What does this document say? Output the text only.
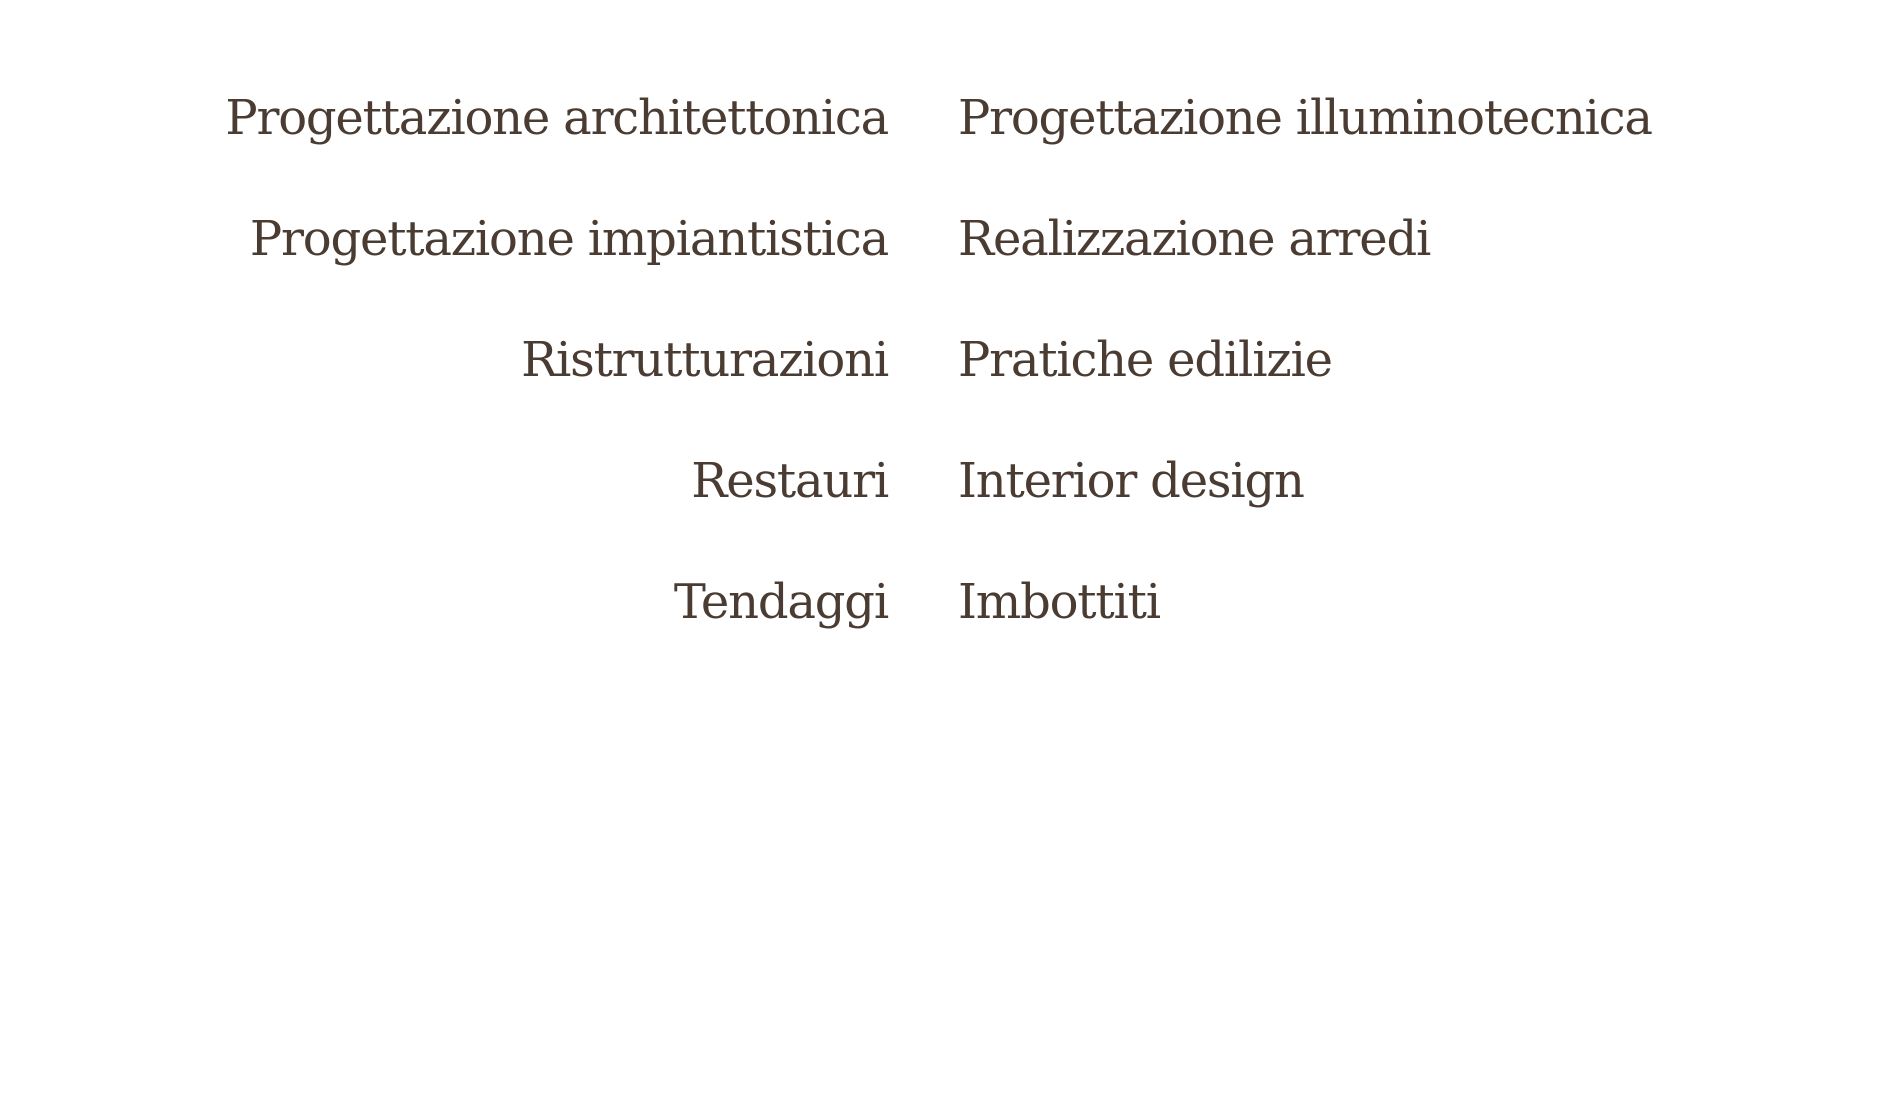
Progettazione architettonica	Progettazione illuminotecnica
Progettazione impiantistica	Realizzazione arredi
Ristrutturazioni	Pratiche edilizie
Restauri	Interior design
Tendaggi	Imbottiti
